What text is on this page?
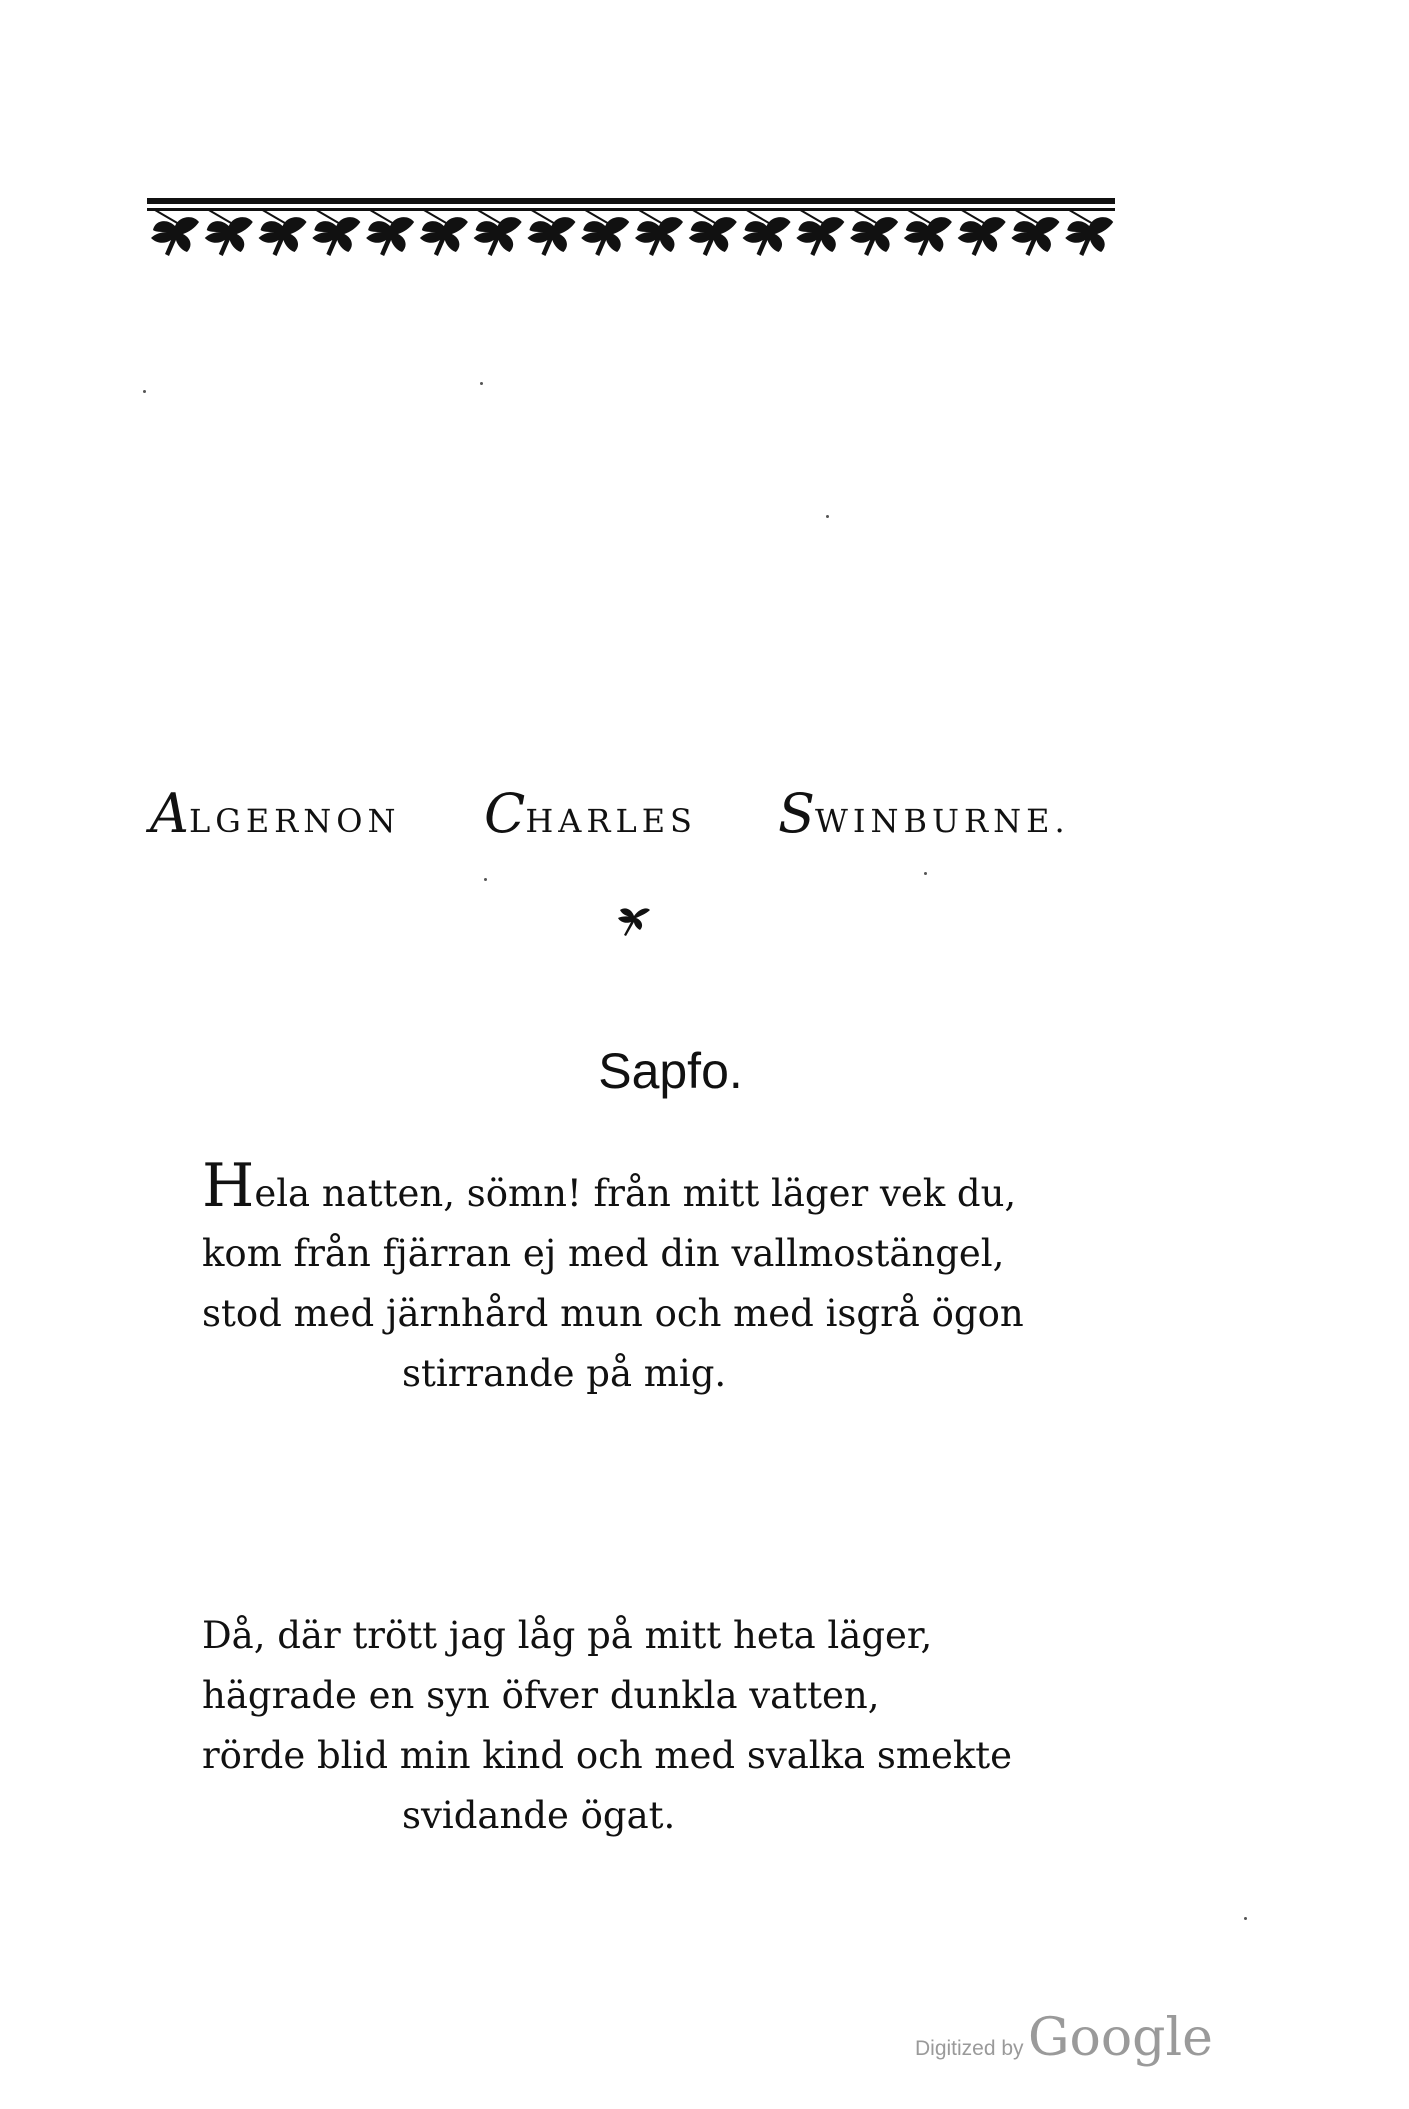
ALGERNON CHARLES SWINBURNE.
Sapfo.
Hela natten, sömn! från mitt läger vek du,
kom från fjärran ej med din vallmostängel,
stod med järnhård mun och med isgrå ögon
stirrande på mig.
Då, där trött jag låg på mitt heta läger,
hägrade en syn öfver dunkla vatten,
rörde blid min kind och med svalka smekte
svidande ögat.
Digitized by Google
